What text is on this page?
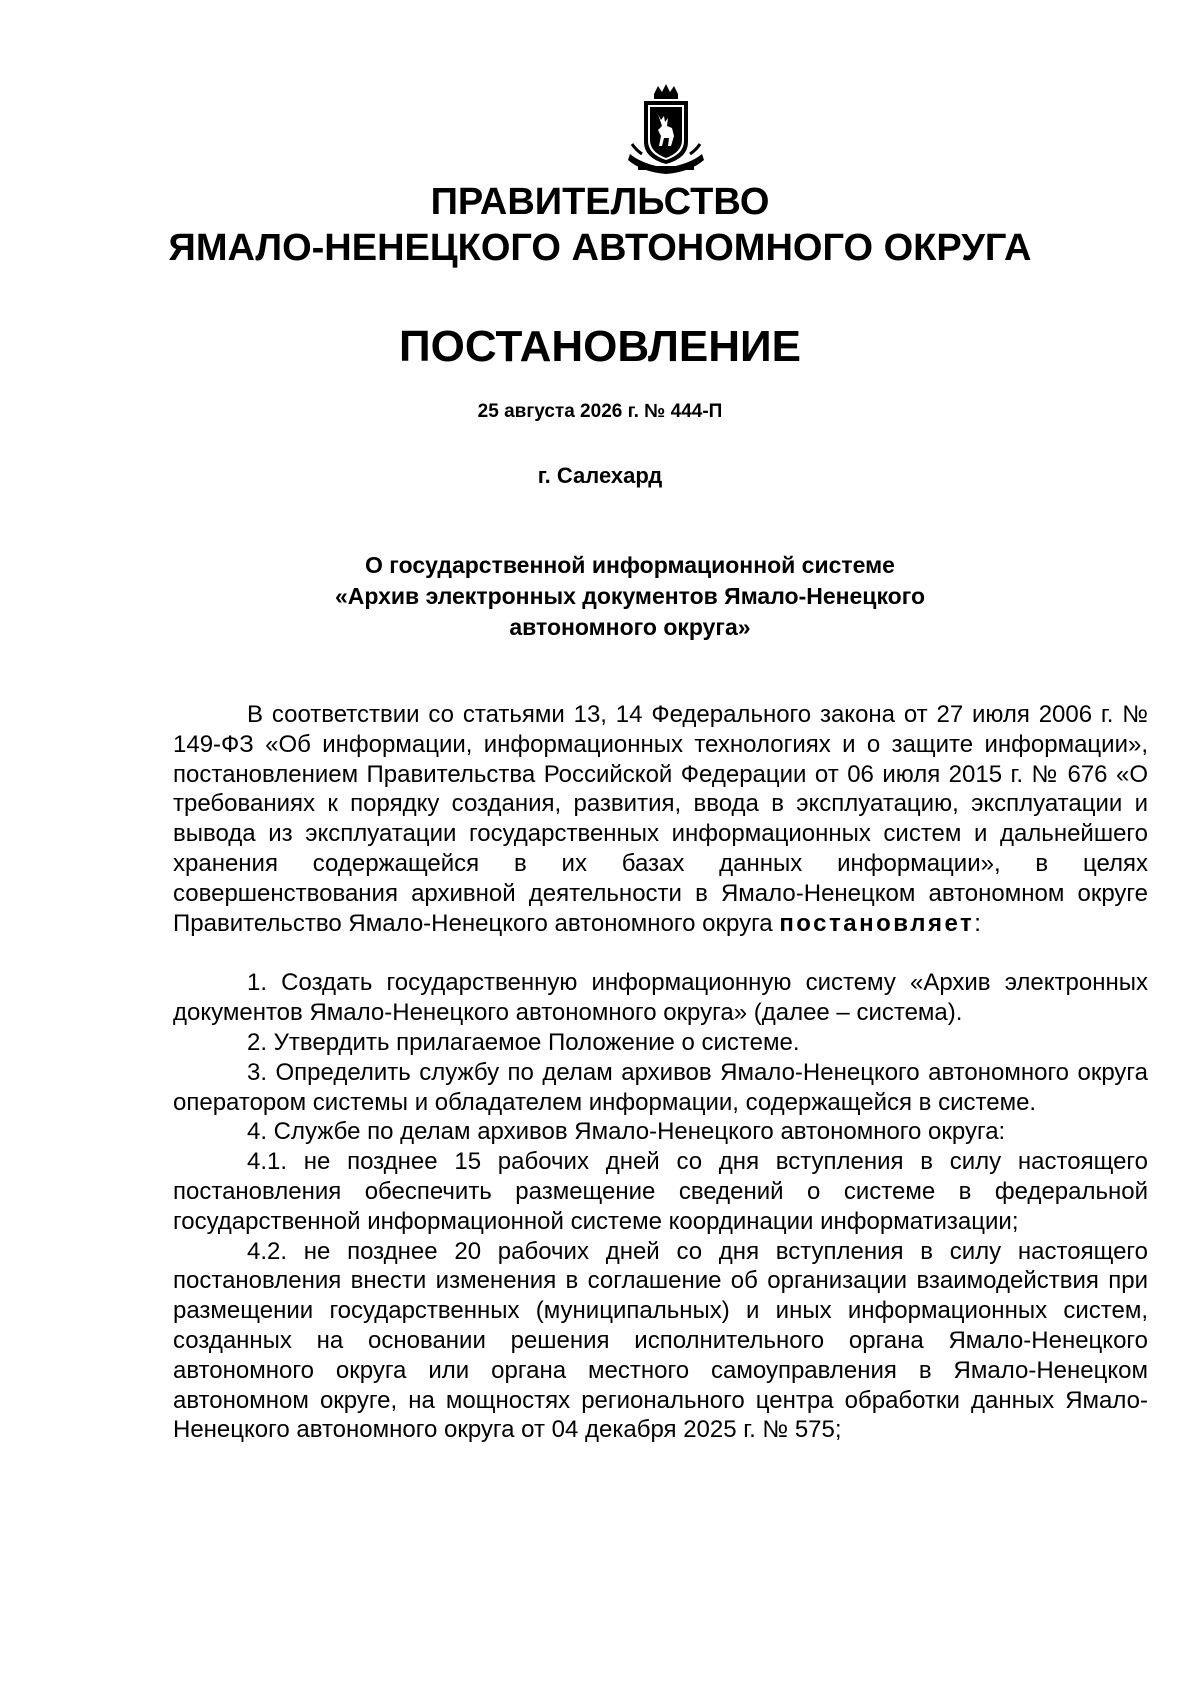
ПРАВИТЕЛЬСТВО
ЯМАЛО-НЕНЕЦКОГО АВТОНОМНОГО ОКРУГА
ПОСТАНОВЛЕНИЕ
25 августа 2026 г. № 444-П
г. Салехард
О государственной информационной системе
«Архив электронных документов Ямало-Ненецкого
автономного округа»

В соответствии со статьями 13, 14 Федерального закона от 27 июля 2006 г. № 149-ФЗ «Об информации, информационных технологиях и о защите информации», постановлением Правительства Российской Федерации от 06 июля 2015 г. № 676 «О требованиях к порядку создания, развития, ввода в эксплуатацию, эксплуатации и вывода из эксплуатации государственных информационных систем и дальнейшего хранения содержащейся в их базах данных информации», в целях совершенствования архивной деятельности в Ямало-Ненецком автономном округе Правительство Ямало-Ненецкого автономного округа постановляет:

1. Создать государственную информационную систему «Архив электронных документов Ямало-Ненецкого автономного округа» (далее – система).

2. Утвердить прилагаемое Положение о системе.

3. Определить службу по делам архивов Ямало-Ненецкого автономного округа оператором системы и обладателем информации, содержащейся в системе.

4. Службе по делам архивов Ямало-Ненецкого автономного округа:

4.1. не позднее 15 рабочих дней со дня вступления в силу настоящего постановления обеспечить размещение сведений о системе в федеральной государственной информационной системе координации информатизации;

4.2. не позднее 20 рабочих дней со дня вступления в силу настоящего постановления внести изменения в соглашение об организации взаимодействия при размещении государственных (муниципальных) и иных информационных систем, созданных на основании решения исполнительного органа Ямало-Ненецкого автономного округа или органа местного самоуправления в Ямало-Ненецком автономном округе, на мощностях регионального центра обработки данных Ямало-Ненецкого автономного округа от 04 декабря 2025 г. № 575;
